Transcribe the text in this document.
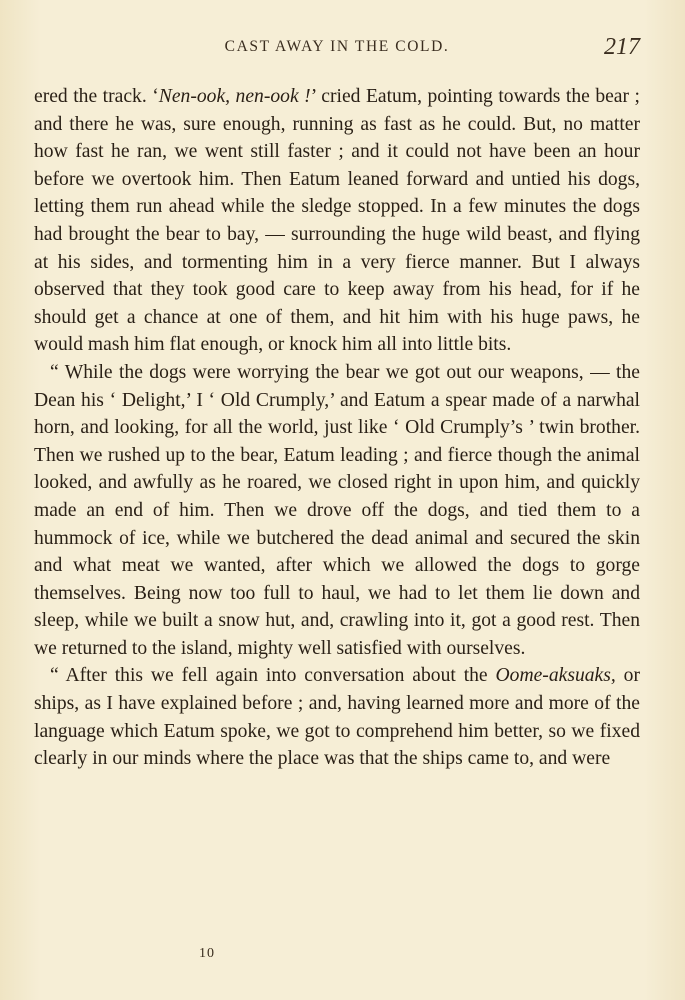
CAST AWAY IN THE COLD.	217

ered the track. ‘Nen-ook, nen-ook !’ cried Eatum, pointing towards the bear ; and there he was, sure enough, running as fast as he could. But, no matter how fast he ran, we went still faster ; and it could not have been an hour before we overtook him. Then Eatum leaned forward and untied his dogs, letting them run ahead while the sledge stopped. In a few minutes the dogs had brought the bear to bay, — surrounding the huge wild beast, and flying at his sides, and tormenting him in a very fierce manner. But I always observed that they took good care to keep away from his head, for if he should get a chance at one of them, and hit him with his huge paws, he would mash him flat enough, or knock him all into little bits.

“ While the dogs were worrying the bear we got out our weapons, — the Dean his ‘ Delight,’ I ‘ Old Crumply,’ and Eatum a spear made of a narwhal horn, and looking, for all the world, just like ‘ Old Crumply’s ’ twin brother. Then we rushed up to the bear, Eatum leading ; and fierce though the animal looked, and awfully as he roared, we closed right in upon him, and quickly made an end of him. Then we drove off the dogs, and tied them to a hummock of ice, while we butchered the dead animal and secured the skin and what meat we wanted, after which we allowed the dogs to gorge themselves. Being now too full to haul, we had to let them lie down and sleep, while we built a snow hut, and, crawling into it, got a good rest. Then we returned to the island, mighty well satisfied with ourselves.

“ After this we fell again into conversation about the Oome-aksuaks, or ships, as I have explained before ; and, having learned more and more of the language which Eatum spoke, we got to comprehend him better, so we fixed clearly in our minds where the place was that the ships came to, and were

10
